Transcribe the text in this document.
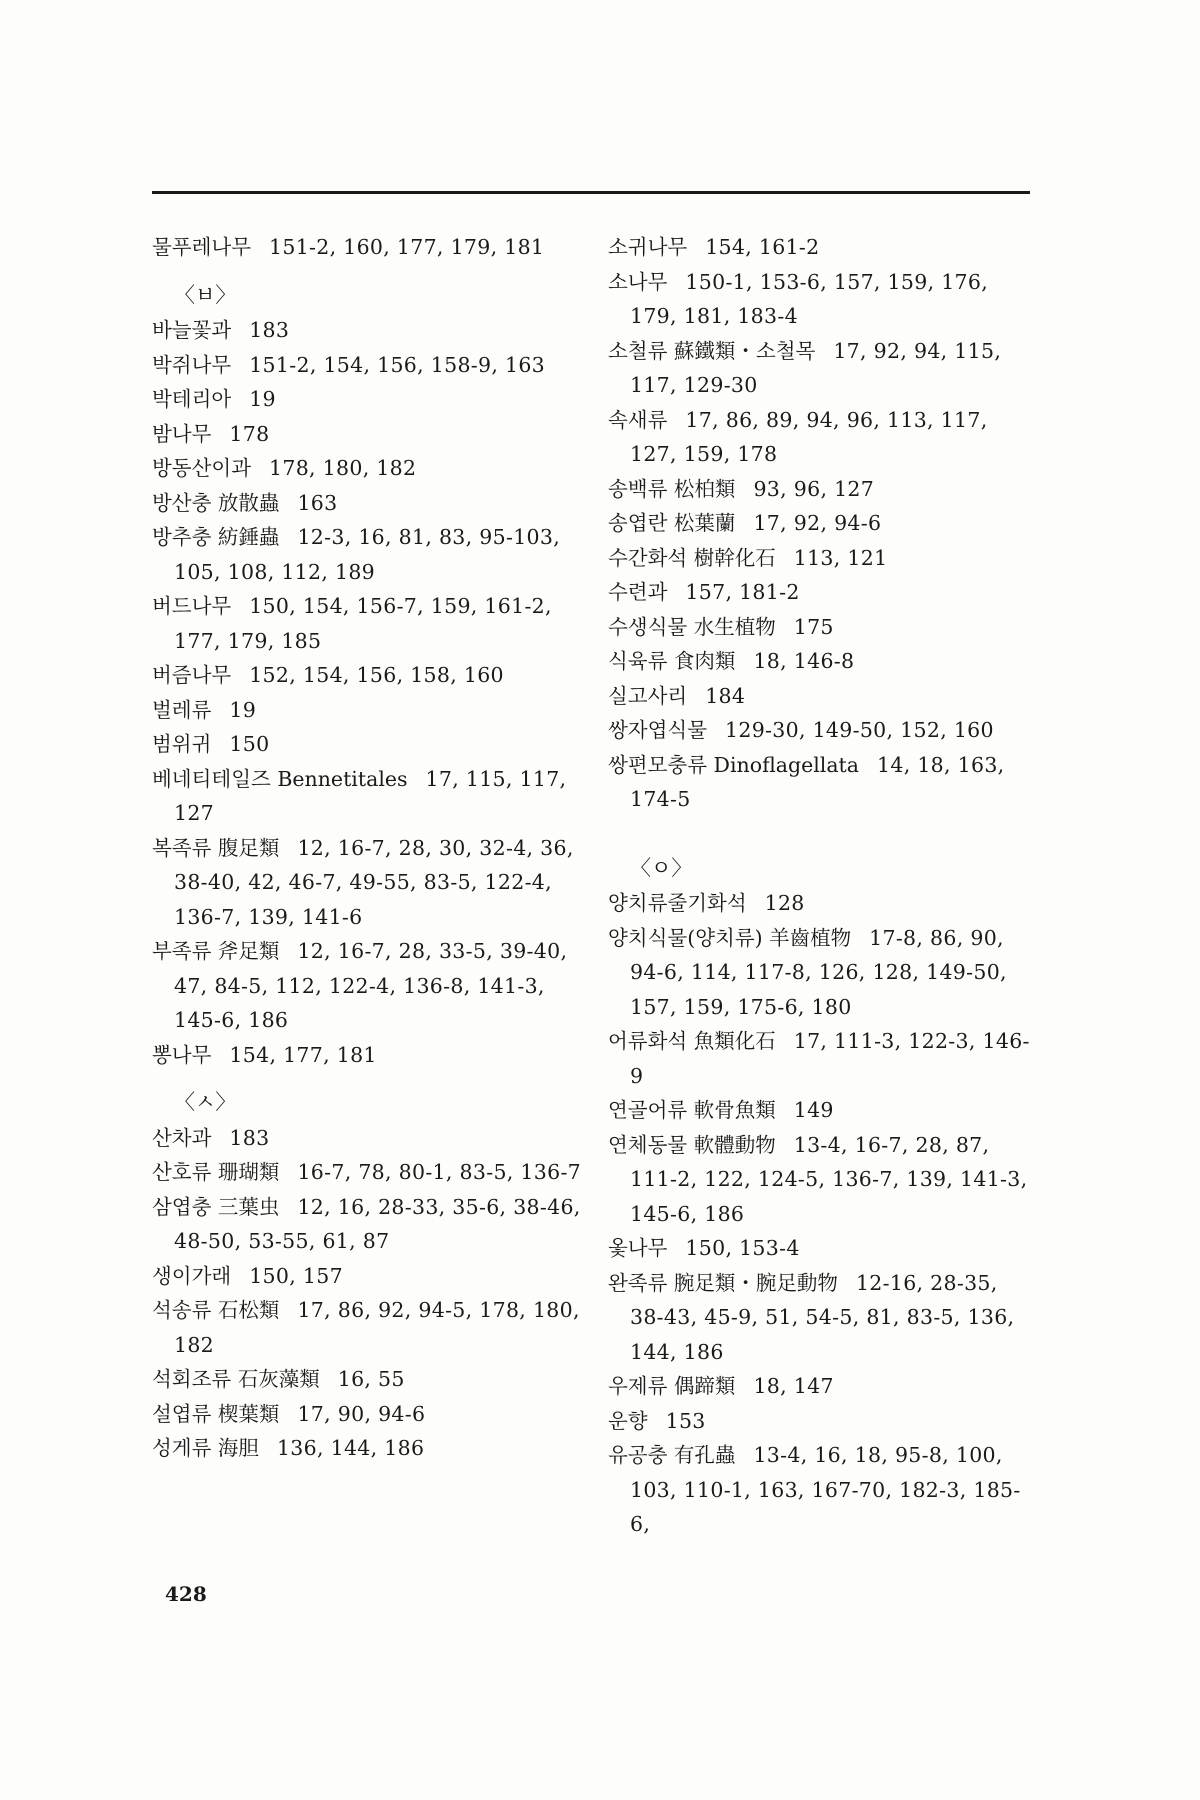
물푸레나무 151-2, 160, 177, 179, 181
〈ㅂ〉
바늘꽃과 183
박쥐나무 151-2, 154, 156, 158-9, 163
박테리아 19
밤나무 178
방동산이과 178, 180, 182
방산충 放散蟲 163
방추충 紡錘蟲 12-3, 16, 81, 83, 95-103, 105, 108, 112, 189
버드나무 150, 154, 156-7, 159, 161-2, 177, 179, 185
버즘나무 152, 154, 156, 158, 160
벌레류 19
범위귀 150
베네티테일즈 Bennetitales 17, 115, 117, 127
복족류 腹足類 12, 16-7, 28, 30, 32-4, 36, 38-40, 42, 46-7, 49-55, 83-5, 122-4, 136-7, 139, 141-6
부족류 斧足類 12, 16-7, 28, 33-5, 39-40, 47, 84-5, 112, 122-4, 136-8, 141-3, 145-6, 186
뽕나무 154, 177, 181
〈ㅅ〉
산차과 183
산호류 珊瑚類 16-7, 78, 80-1, 83-5, 136-7
삼엽충 三葉虫 12, 16, 28-33, 35-6, 38-46, 48-50, 53-55, 61, 87
생이가래 150, 157
석송류 石松類 17, 86, 92, 94-5, 178, 180, 182
석회조류 石灰藻類 16, 55
설엽류 楔葉類 17, 90, 94-6
성게류 海胆 136, 144, 186
소귀나무 154, 161-2
소나무 150-1, 153-6, 157, 159, 176, 179, 181, 183-4
소철류 蘇鐵類・소철목 17, 92, 94, 115, 117, 129-30
속새류 17, 86, 89, 94, 96, 113, 117, 127, 159, 178
송백류 松柏類 93, 96, 127
송엽란 松葉蘭 17, 92, 94-6
수간화석 樹幹化石 113, 121
수련과 157, 181-2
수생식물 水生植物 175
식육류 食肉類 18, 146-8
실고사리 184
쌍자엽식물 129-30, 149-50, 152, 160
쌍편모충류 Dinoflagellata 14, 18, 163, 174-5
〈ㅇ〉
양치류줄기화석 128
양치식물(양치류) 羊齒植物 17-8, 86, 90, 94-6, 114, 117-8, 126, 128, 149-50, 157, 159, 175-6, 180
어류화석 魚類化石 17, 111-3, 122-3, 146-9
연골어류 軟骨魚類 149
연체동물 軟體動物 13-4, 16-7, 28, 87, 111-2, 122, 124-5, 136-7, 139, 141-3, 145-6, 186
옻나무 150, 153-4
완족류 腕足類・腕足動物 12-16, 28-35, 38-43, 45-9, 51, 54-5, 81, 83-5, 136, 144, 186
우제류 偶蹄類 18, 147
운향 153
유공충 有孔蟲 13-4, 16, 18, 95-8, 100, 103, 110-1, 163, 167-70, 182-3, 185-6,
428
